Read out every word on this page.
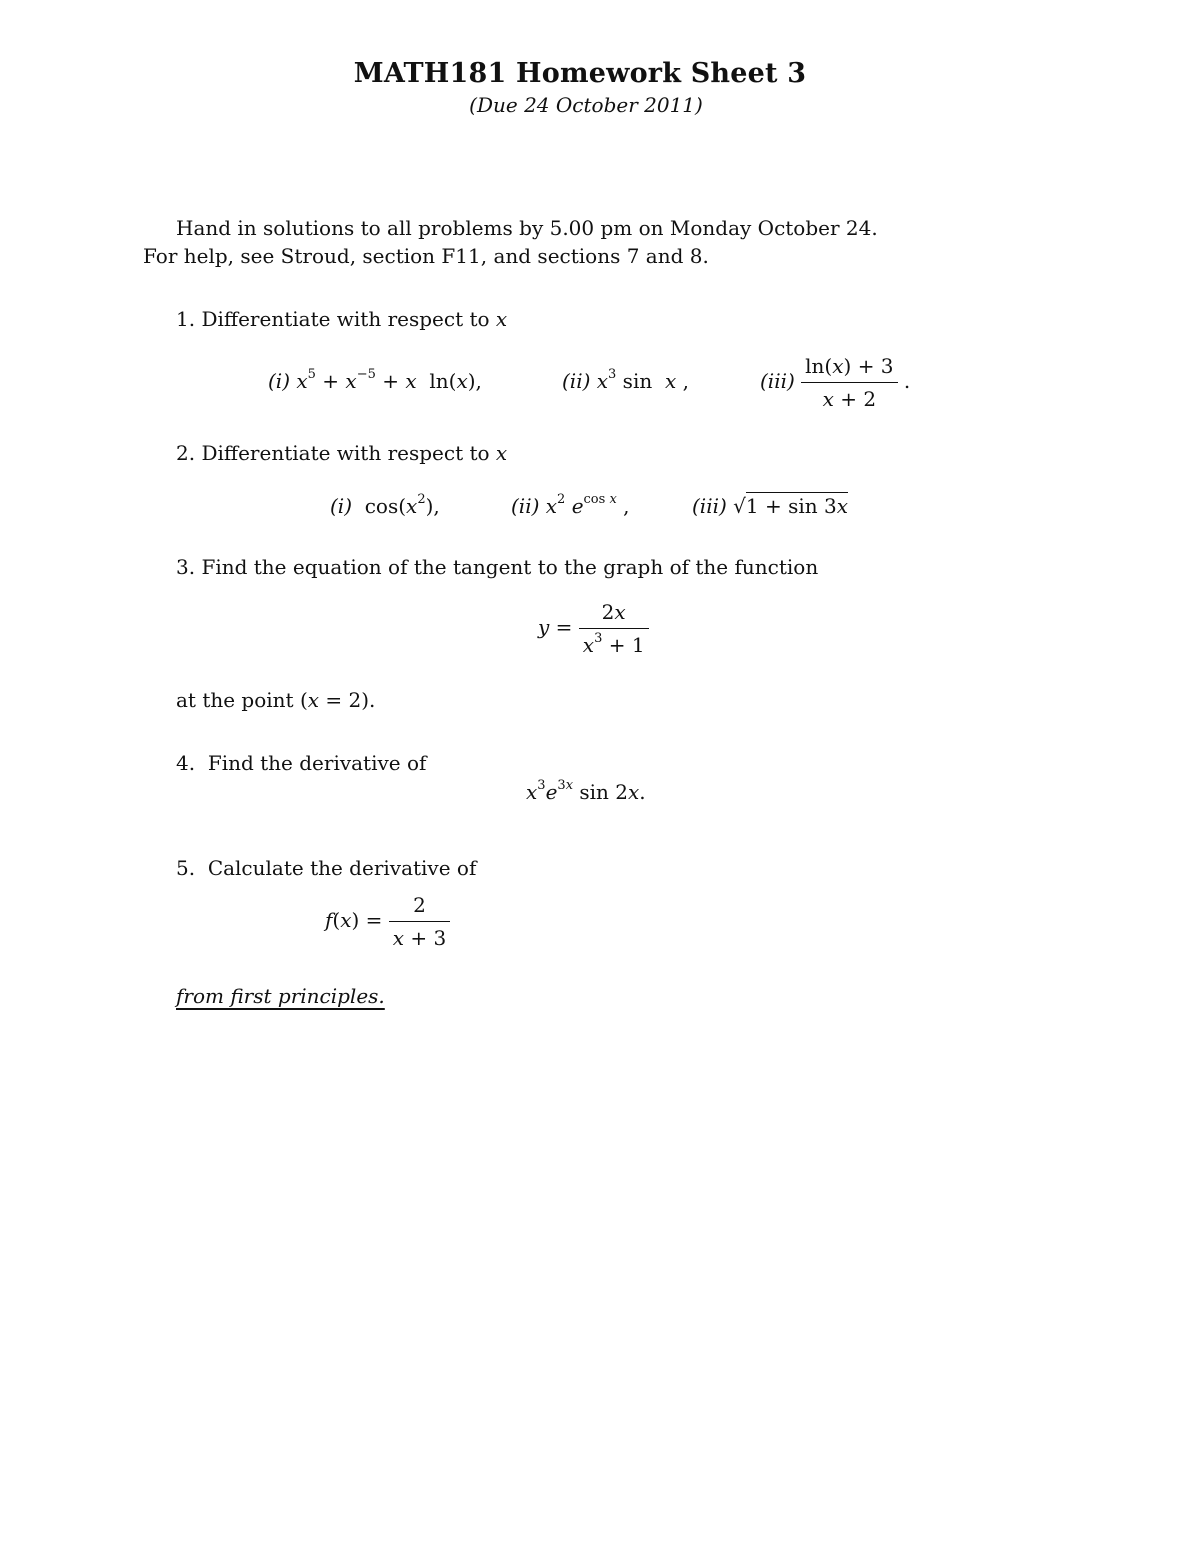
MATH181 Homework Sheet 3
(Due 24 October 2011)
Hand in solutions to all problems by 5.00 pm on Monday October 24.
For help, see Stroud, section F11, and sections 7 and 8.
1. Differentiate with respect to x
(i) $x^5 + x^{-5} + x$  ln(x),	(ii) $x^3$ sin  x ,	$(iii) \frac{\ln(x) + 3}{x + 2}$ .
2. Differentiate with respect to x
(i)  $\cos(x^2)$,	(ii) $x^2$ $e^{cos x}$ ,	(iii) √1 + sin 3x
3. Find the equation of the tangent to the graph of the function
$y = \frac{2x}{x^3 + 1}$
at the point (x = 2).
4. Find the derivative of
$x^3e^{3x}$ sin 2x.
5. Calculate the derivative of
$f(x) = \frac{2}{x + 3}$
from first principles.
